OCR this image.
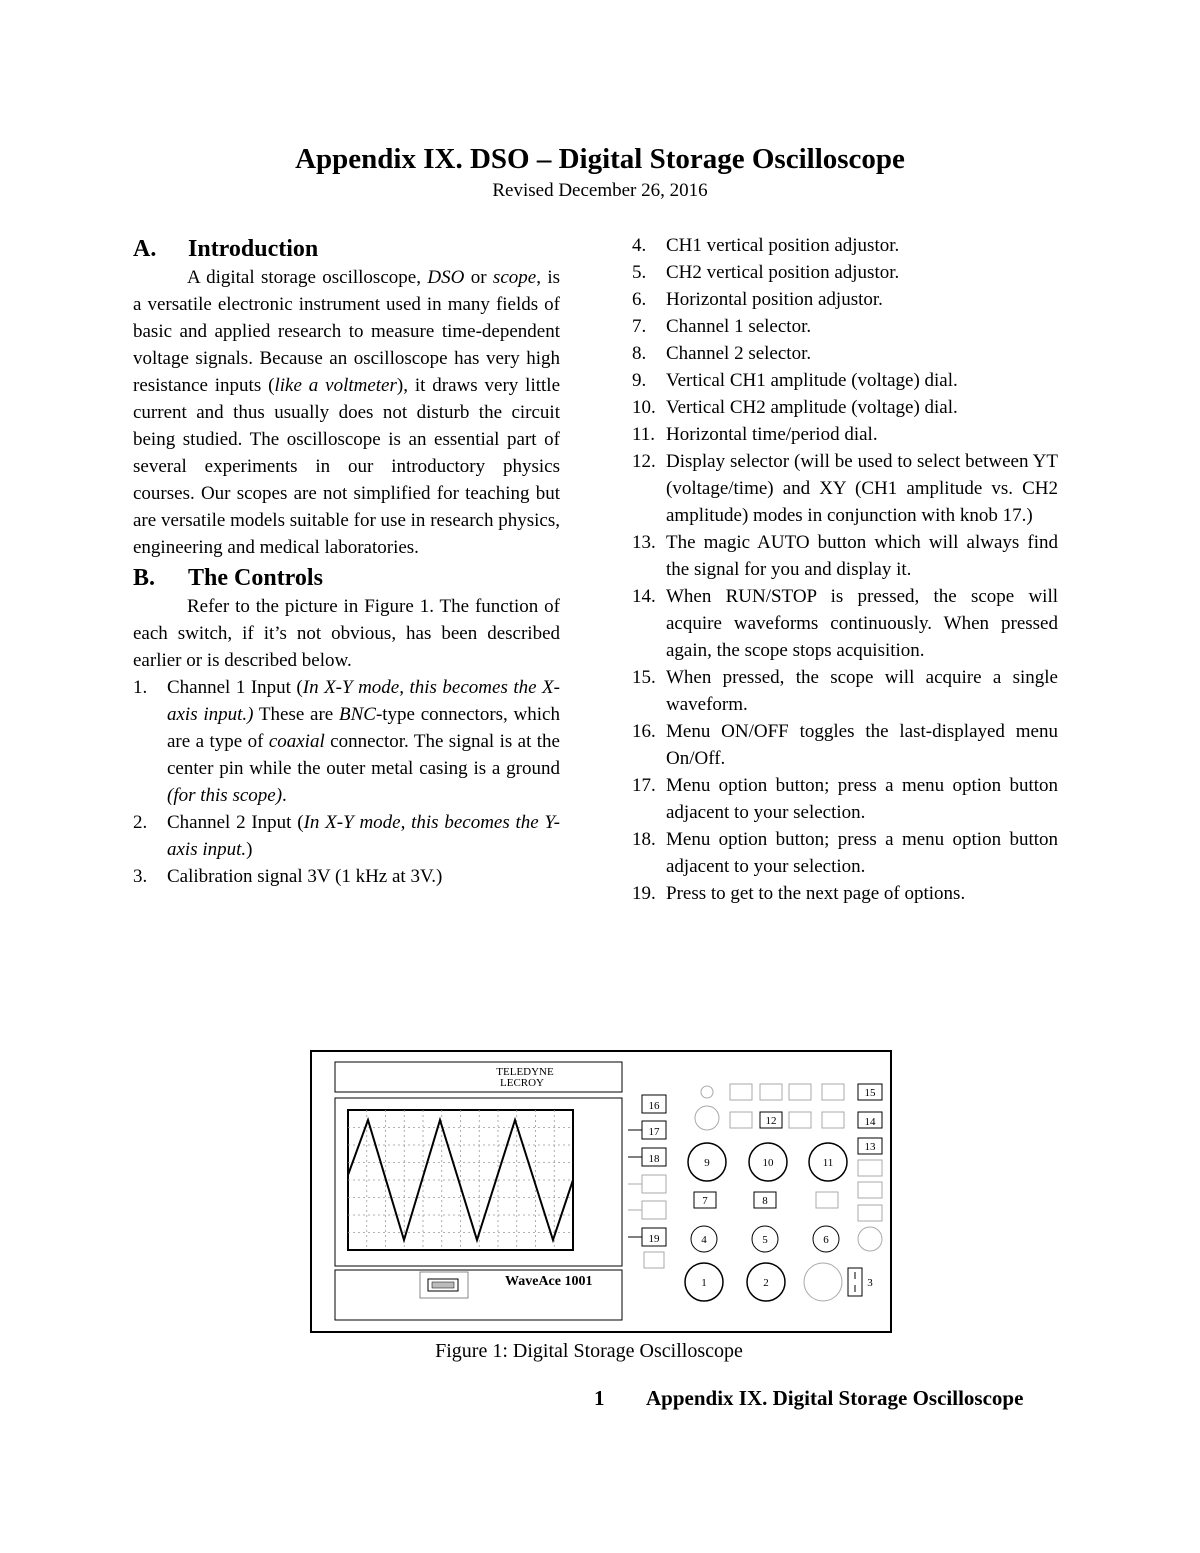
Appendix IX. DSO – Digital Storage Oscilloscope
Revised December 26, 2016
A. Introduction

A digital storage oscilloscope, DSO or scope, is a versatile electronic instrument used in many fields of basic and applied research to measure time-dependent voltage signals. Because an oscilloscope has very high resistance inputs (like a voltmeter), it draws very little current and thus usually does not disturb the circuit being studied. The oscilloscope is an essential part of several experiments in our introductory physics courses. Our scopes are not simplified for teaching but are versatile models suitable for use in research physics, engineering and medical laboratories.

B. The Controls

Refer to the picture in Figure 1. The function of each switch, if it’s not obvious, has been described earlier or is described below.

1.	Channel 1 Input (In X-Y mode, this becomes the X-axis input.) These are BNC-type connectors, which are a type of coaxial connector. The signal is at the center pin while the outer metal casing is a ground (for this scope).
2.	Channel 2 Input (In X-Y mode, this becomes the Y-axis input.)
3.	Calibration signal 3V (1 kHz at 3V.)
4.	CH1 vertical position adjustor.
5.	CH2 vertical position adjustor.
6.	Horizontal position adjustor.
7.	Channel 1 selector.
8.	Channel 2 selector.
9.	Vertical CH1 amplitude (voltage) dial.
10. Vertical CH2 amplitude (voltage) dial.
11. Horizontal time/period dial.
12. Display selector (will be used to select between YT (voltage/time) and XY (CH1 amplitude vs. CH2 amplitude) modes in conjunction with knob 17.)
13. The magic AUTO button which will always find the signal for you and display it.
14. When RUN/STOP is pressed, the scope will acquire waveforms continuously. When pressed again, the scope stops acquisition.
15. When pressed, the scope will acquire a single waveform.
16. Menu ON/OFF toggles the last-displayed menu On/Off.
17. Menu option button; press a menu option button adjacent to your selection.
18. Menu option button; press a menu option button adjacent to your selection.
19. Press to get to the next page of options.
TELEDYNE
LECROY
WaveAce 1001
16
17
18
19
15
12	14
13
9	10	11
7	8
4	5	6
1	2	3
Figure 1: Digital Storage Oscilloscope
1 Appendix IX. Digital Storage Oscilloscope
